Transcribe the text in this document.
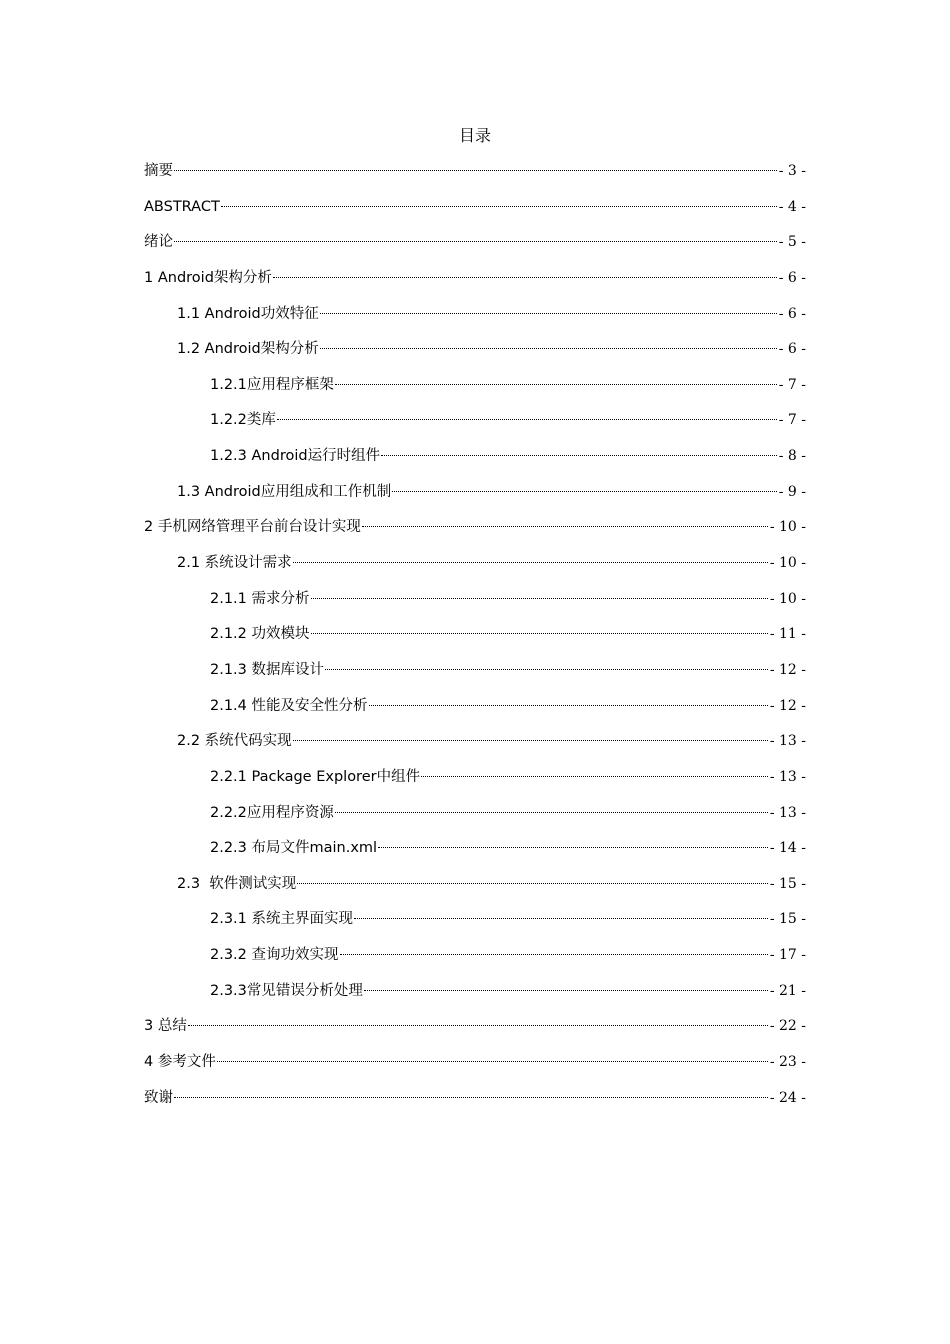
目录
摘要	- 3 -
ABSTRACT	- 4 -
绪论	- 5 -
1 Android架构分析	- 6 -
1.1 Android功效特征	- 6 -
1.2 Android架构分析	- 6 -
1.2.1应用程序框架	- 7 -
1.2.2类库	- 7 -
1.2.3 Android运行时组件	- 8 -
1.3 Android应用组成和工作机制	- 9 -
2 手机网络管理平台前台设计实现	- 10 -
2.1 系统设计需求	- 10 -
2.1.1 需求分析	- 10 -
2.1.2 功效模块	- 11 -
2.1.3 数据库设计	- 12 -
2.1.4 性能及安全性分析	- 12 -
2.2 系统代码实现	- 13 -
2.2.1 Package Explorer中组件	- 13 -
2.2.2应用程序资源	- 13 -
2.2.3 布局文件main.xml	- 14 -
2.3  软件测试实现	- 15 -
2.3.1 系统主界面实现	- 15 -
2.3.2 查询功效实现	- 17 -
2.3.3常见错误分析处理	- 21 -
3 总结	- 22 -
4 参考文件	- 23 -
致谢	- 24 -
